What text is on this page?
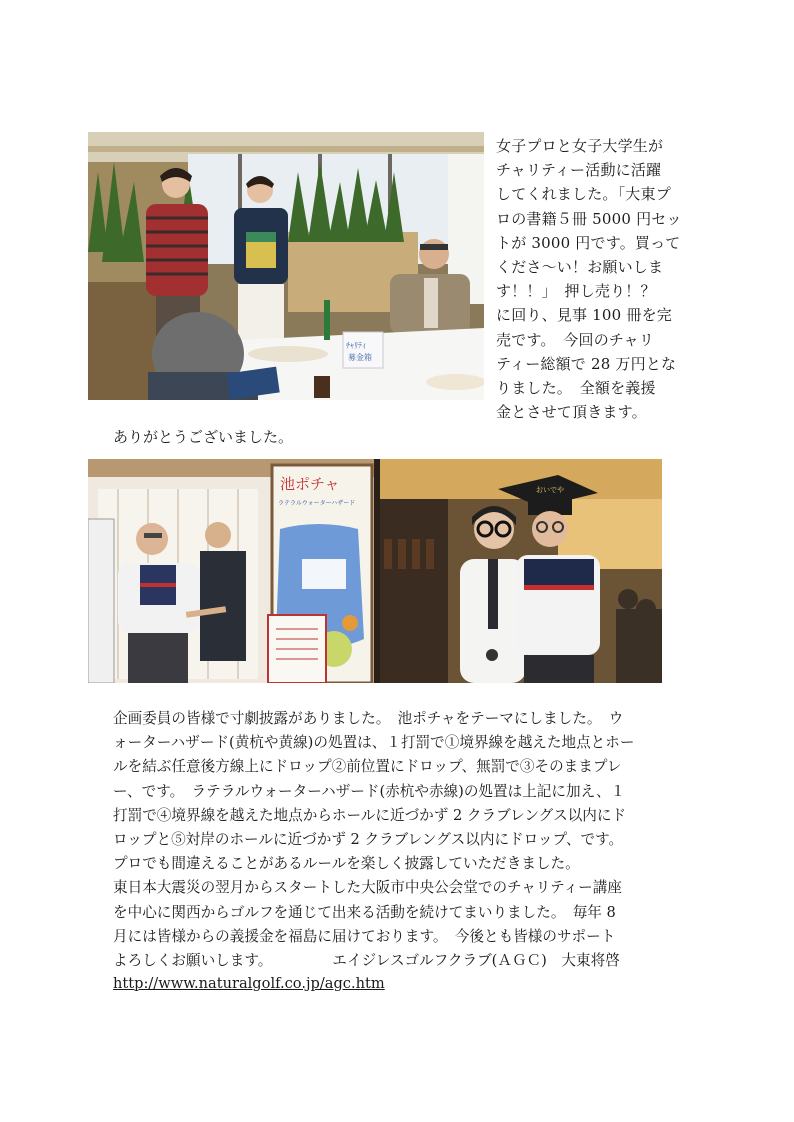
ﾁｬﾘﾃｨ
募金箱

女子プロと女子大学生が

チャリティー活動に活躍

してくれました。「大東プ

ロの書籍５冊 5000 円セッ

トが 3000 円です。買って

くださ～い！お願いしま

す！！」　押し売り！？

に回り、見事 100 冊を完

売です。　今回のチャリ

ティー総額で 28 万円とな

りました。　全額を義援

金とさせて頂きます。

ありがとうございました。

池ポチャ
ラテラルウォーターハザード
おいでや

企画委員の皆様で寸劇披露がありました。　池ポチャをテーマにしました。　ウ

ォーターハザード(黄杭や黄線)の処置は、１打罰で①境界線を越えた地点とホー

ルを結ぶ任意後方線上にドロップ②前位置にドロップ、無罰で③そのままプレ

ー、です。　ラテラルウォーターハザード(赤杭や赤線)の処置は上記に加え、１

打罰で④境界線を越えた地点からホールに近づかず 2 クラブレングス以内にド

ロップと⑤対岸のホールに近づかず 2 クラブレングス以内にドロップ、です。

プロでも間違えることがあるルールを楽しく披露していただきました。

東日本大震災の翌月からスタートした大阪市中央公会堂でのチャリティー講座

を中心に関西からゴルフを通じて出来る活動を続けてまいりました。　毎年 8

月には皆様からの義援金を福島に届けております。　今後とも皆様のサポート

よろしくお願いします。	エイジレスゴルフクラブ(ＡＧＣ)　大東将啓

http://www.naturalgolf.co.jp/agc.htm
